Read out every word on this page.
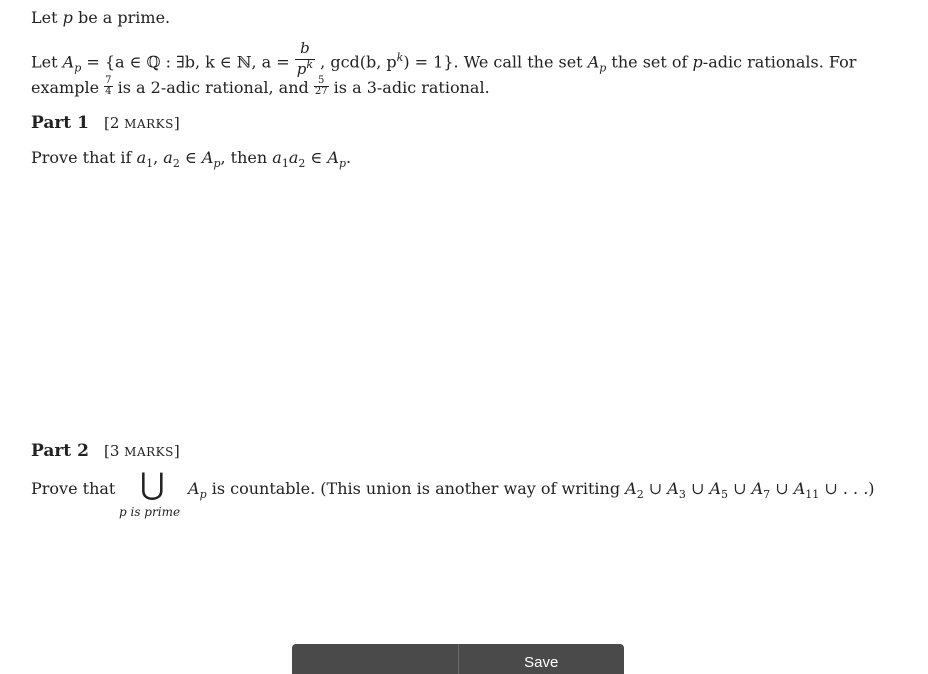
Let p be a prime.
Let $A_p = \{a$ ∈ ℚ : ∃b, k ∈ ℕ, $a = \frac{b}{p^k}$ , gcd(b, $p^k) = 1$}. We call the set $A_p$ the set of p-adic rationals. For
example $\frac{7}{4}$ is a 2-adic rational, and $\frac{5}{27}$ is a 3-adic rational.
Part 1 [2 MARKS]
Prove that if $a_1$, $a_2$ ∈ $A_p$, then $a_1a_2$ ∈ $A_p$.
Part 2 [3 MARKS]
Prove that ⋃
p is prime
$A_p$ is countable. (This union is another way of writing $A_2$ ∪ $A_3$ ∪ $A_5$ ∪ $A_7$ ∪ $A_{11}$ ∪ . . .)
Save
